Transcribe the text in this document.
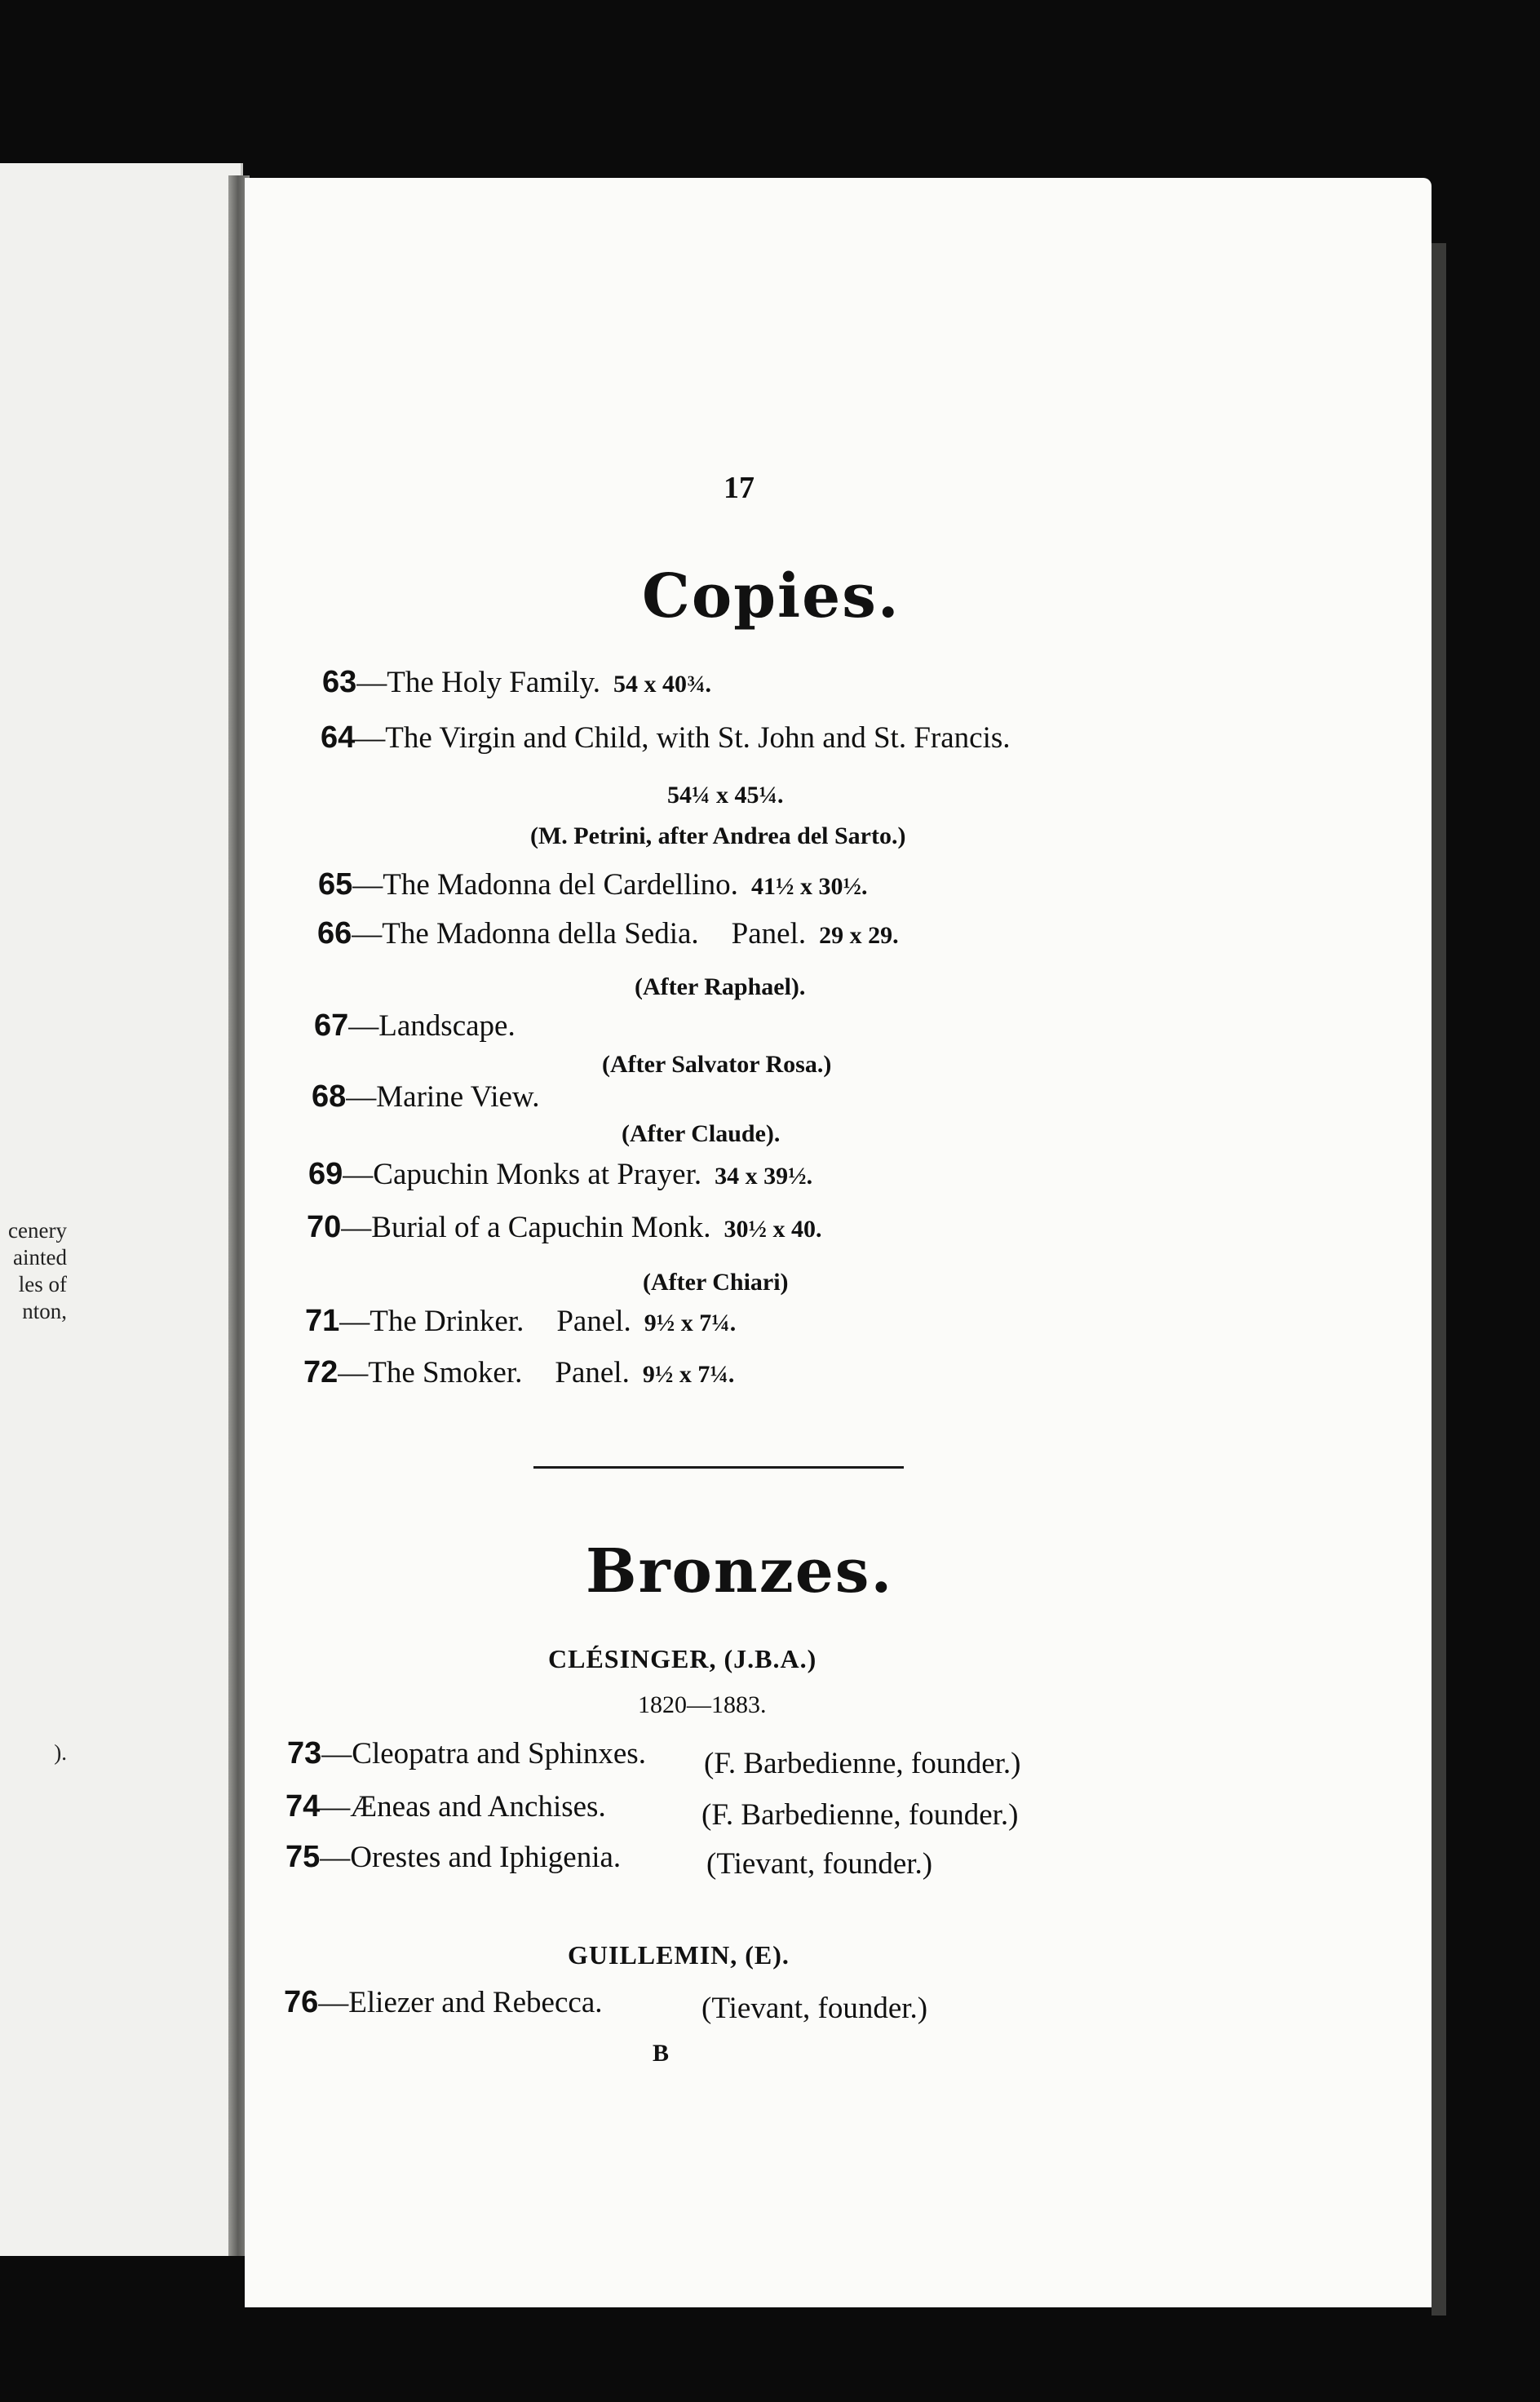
cenery
ainted
les of
nton,
).
17
Copies.
63—The Holy Family. 54 x 40¾.
64—The Virgin and Child, with St. John and St. Francis.
54¼ x 45¼.
(M. Petrini, after Andrea del Sarto.)
65—The Madonna del Cardellino. 41½ x 30½.
66—The Madonna della Sedia. Panel. 29 x 29.
(After Raphael).
67—Landscape.
(After Salvator Rosa.)
68—Marine View.
(After Claude).
69—Capuchin Monks at Prayer. 34 x 39½.
70—Burial of a Capuchin Monk. 30½ x 40.
(After Chiari)
71—The Drinker. Panel. 9½ x 7¼.
72—The Smoker. Panel. 9½ x 7¼.
Bronzes.
CLÉSINGER, (J.B.A.)
1820—1883.
73—Cleopatra and Sphinxes. (F. Barbedienne, founder.)
74—Æneas and Anchises.	(F. Barbedienne, founder.)
75—Orestes and Iphigenia.	(Tievant, founder.)
GUILLEMIN, (E).
76—Eliezer and Rebecca.	(Tievant, founder.)
B
